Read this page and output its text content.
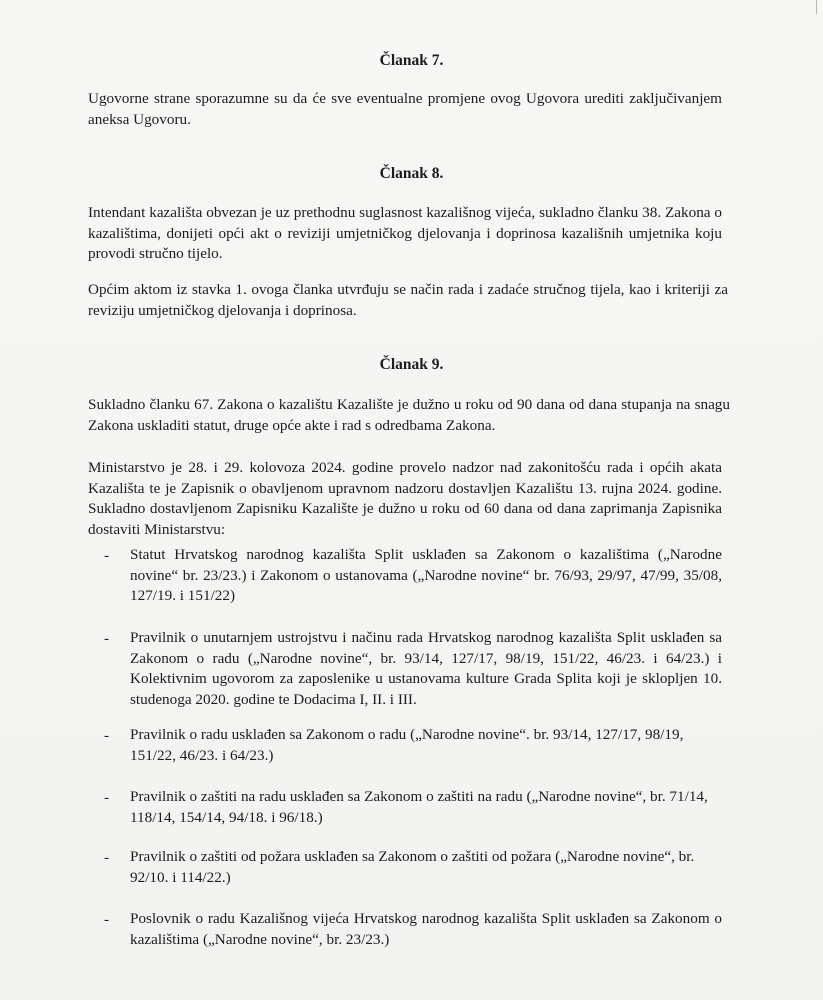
Članak 7.
Ugovorne strane sporazumne su da će sve eventualne promjene ovog Ugovora urediti zaključivanjem aneksa Ugovoru.
Članak 8.
Intendant kazališta obvezan je uz prethodnu suglasnost kazališnog vijeća, sukladno članku 38. Zakona o kazalištima, donijeti opći akt o reviziji umjetničkog djelovanja i doprinosa kazališnih umjetnika koju provodi stručno tijelo.
Općim aktom iz stavka 1. ovoga članka utvrđuju se način rada i zadaće stručnog tijela, kao i kriteriji za reviziju umjetničkog djelovanja i doprinosa.
Članak 9.
Sukladno članku 67. Zakona o kazalištu Kazalište je dužno u roku od 90 dana od dana stupanja na snagu Zakona uskladiti statut, druge opće akte i rad s odredbama Zakona.
Ministarstvo je 28. i 29. kolovoza 2024. godine provelo nadzor nad zakonitošću rada i općih akata Kazališta te je Zapisnik o obavljenom upravnom nadzoru dostavljen Kazalištu 13. rujna 2024. godine. Sukladno dostavljenom Zapisniku Kazalište je dužno u roku od 60 dana od dana zaprimanja Zapisnika dostaviti Ministarstvu:
- Statut Hrvatskog narodnog kazališta Split usklađen sa Zakonom o kazalištima („Narodne novine“ br. 23/23.) i Zakonom o ustanovama („Narodne novine“ br. 76/93, 29/97, 47/99, 35/08, 127/19. i 151/22)
- Pravilnik o unutarnjem ustrojstvu i načinu rada Hrvatskog narodnog kazališta Split usklađen sa Zakonom o radu („Narodne novine“, br. 93/14, 127/17, 98/19, 151/22, 46/23. i 64/23.) i Kolektivnim ugovorom za zaposlenike u ustanovama kulture Grada Splita koji je sklopljen 10. studenoga 2020. godine te Dodacima I, II. i III.
- Pravilnik o radu usklađen sa Zakonom o radu („Narodne novine“. br. 93/14, 127/17, 98/19, 151/22, 46/23. i 64/23.)
- Pravilnik o zaštiti na radu usklađen sa Zakonom o zaštiti na radu („Narodne novine“, br. 71/14, 118/14, 154/14, 94/18. i 96/18.)
- Pravilnik o zaštiti od požara usklađen sa Zakonom o zaštiti od požara („Narodne novine“, br. 92/10. i 114/22.)
- Poslovnik o radu Kazališnog vijeća Hrvatskog narodnog kazališta Split usklađen sa Zakonom o kazalištima („Narodne novine“, br. 23/23.)
